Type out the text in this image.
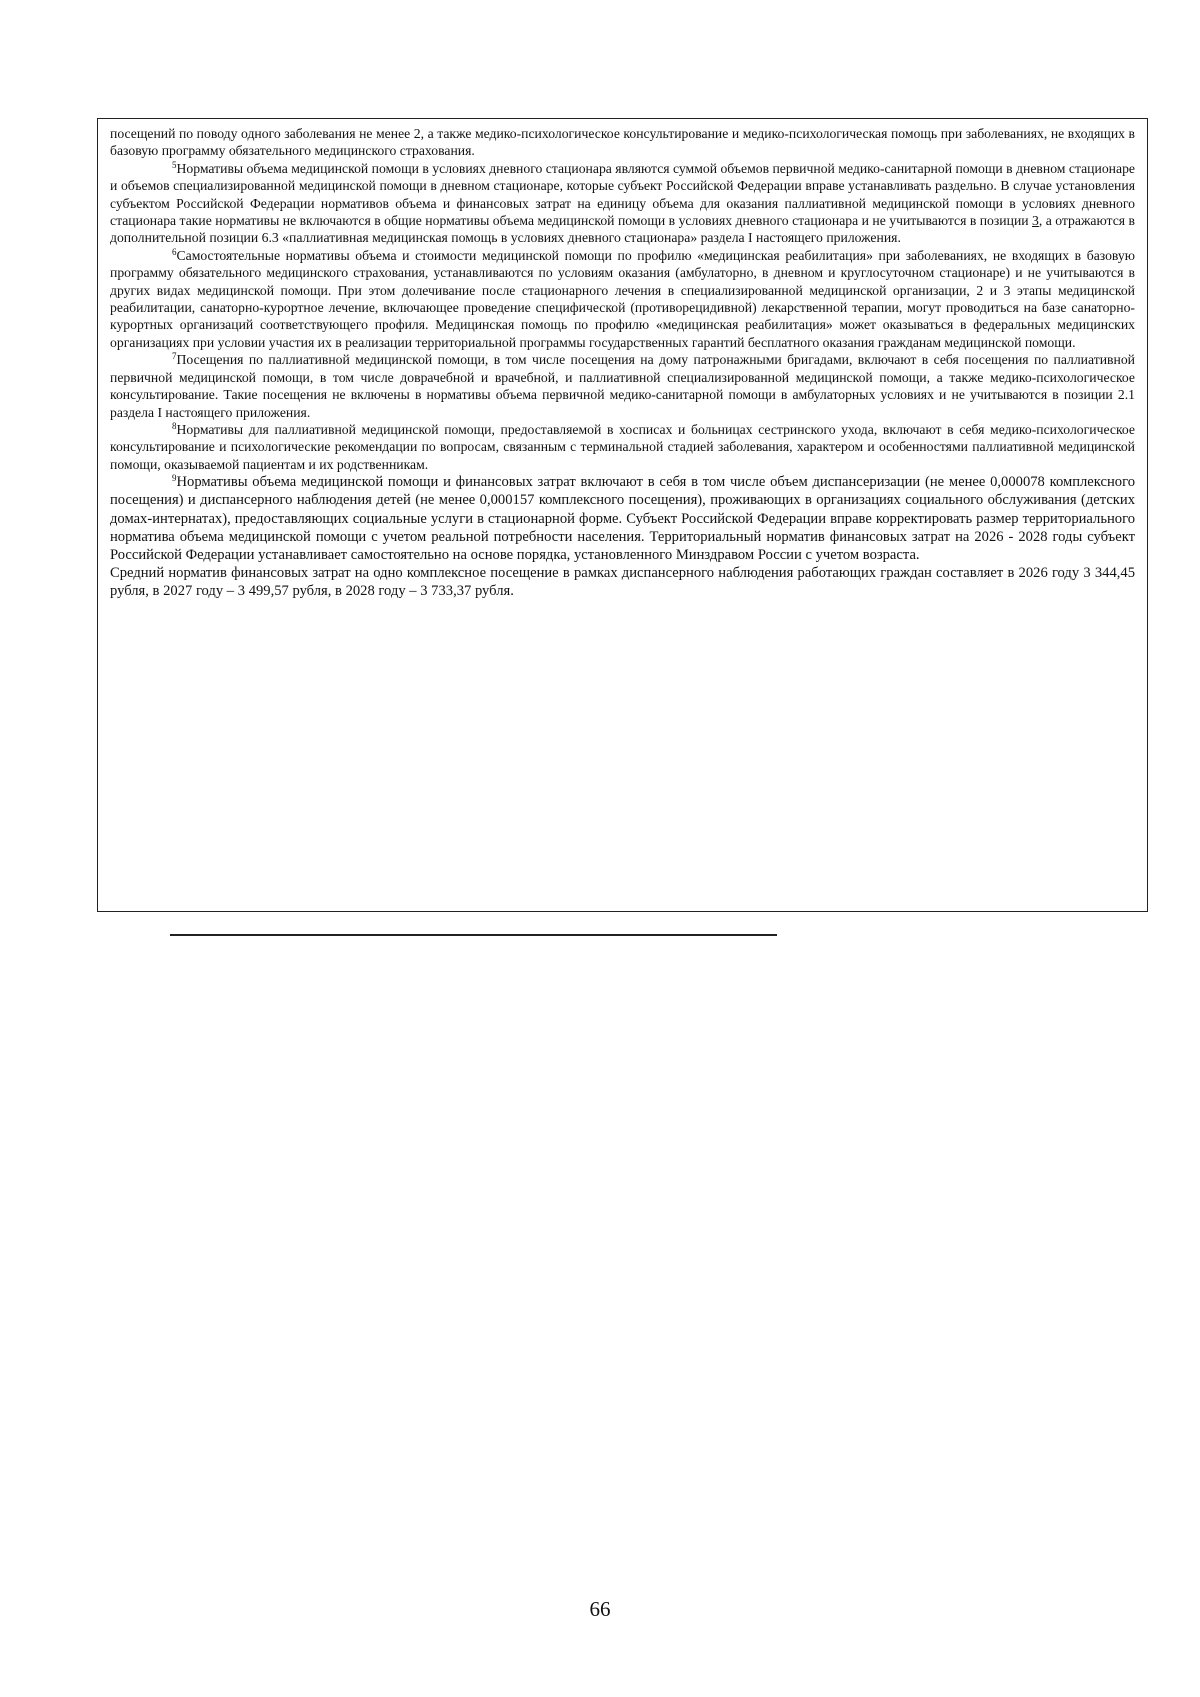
посещений по поводу одного заболевания не менее 2, а также медико-психологическое консультирование и медико-психологическая помощь при заболеваниях, не входящих в базовую программу обязательного медицинского страхования.

$^5$Нормативы объема медицинской помощи в условиях дневного стационара являются суммой объемов первичной медико-санитарной помощи в дневном стационаре и объемов специализированной медицинской помощи в дневном стационаре, которые субъект Российской Федерации вправе устанавливать раздельно. В случае установления субъектом Российской Федерации нормативов объема и финансовых затрат на единицу объема для оказания паллиативной медицинской помощи в условиях дневного стационара такие нормативы не включаются в общие нормативы объема медицинской помощи в условиях дневного стационара и не учитываются в позиции 3, а отражаются в дополнительной позиции 6.3 «паллиативная медицинская помощь в условиях дневного стационара» раздела I настоящего приложения.

$^6$Самостоятельные нормативы объема и стоимости медицинской помощи по профилю «медицинская реабилитация» при заболеваниях, не входящих в базовую программу обязательного медицинского страхования, устанавливаются по условиям оказания (амбулаторно, в дневном и круглосуточном стационаре) и не учитываются в других видах медицинской помощи. При этом долечивание после стационарного лечения в специализированной медицинской организации, 2 и 3 этапы медицинской реабилитации, санаторно-курортное лечение, включающее проведение специфической (противорецидивной) лекарственной терапии, могут проводиться на базе санаторно-курортных организаций соответствующего профиля. Медицинская помощь по профилю «медицинская реабилитация» может оказываться в федеральных медицинских организациях при условии участия их в реализации территориальной программы государственных гарантий бесплатного оказания гражданам медицинской помощи.

$^7$Посещения по паллиативной медицинской помощи, в том числе посещения на дому патронажными бригадами, включают в себя посещения по паллиативной первичной медицинской помощи, в том числе доврачебной и врачебной, и паллиативной специализированной медицинской помощи, а также медико-психологическое консультирование. Такие посещения не включены в нормативы объема первичной медико-санитарной помощи в амбулаторных условиях и не учитываются в позиции 2.1 раздела I настоящего приложения.

$^8$Нормативы для паллиативной медицинской помощи, предоставляемой в хосписах и больницах сестринского ухода, включают в себя медико-психологическое консультирование и психологические рекомендации по вопросам, связанным с терминальной стадией заболевания, характером и особенностями паллиативной медицинской помощи, оказываемой пациентам и их родственникам.

$^9$Нормативы объема медицинской помощи и финансовых затрат включают в себя в том числе объем диспансеризации (не менее 0,000078 комплексного посещения) и диспансерного наблюдения детей (не менее 0,000157 комплексного посещения), проживающих в организациях социального обслуживания (детских домах-интернатах), предоставляющих социальные услуги в стационарной форме. Субъект Российской Федерации вправе корректировать размер территориального норматива объема медицинской помощи с учетом реальной потребности населения. Территориальный норматив финансовых затрат на 2026 - 2028 годы субъект Российской Федерации устанавливает самостоятельно на основе порядка, установленного Минздравом России с учетом возраста.

Средний норматив финансовых затрат на одно комплексное посещение в рамках диспансерного наблюдения работающих граждан составляет в 2026 году 3 344,45 рубля, в 2027 году – 3 499,57 рубля, в 2028 году – 3 733,37 рубля.

66
